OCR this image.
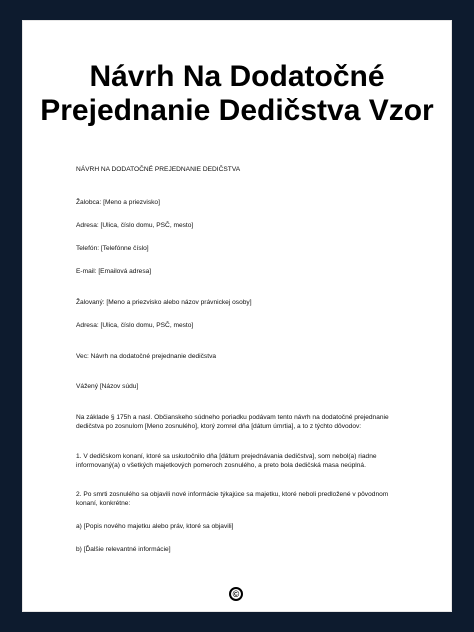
Návrh Na Dodatočné
Prejednanie Dedičstva Vzor

NÁVRH NA DODATOČNÉ PREJEDNANIE DEDIČSTVA

Žalobca: [Meno a priezvisko]

Adresa: [Ulica, číslo domu, PSČ, mesto]

Telefón: [Telefónne číslo]

E-mail: [Emailová adresa]

Žalovaný: [Meno a priezvisko alebo názov právnickej osoby]

Adresa: [Ulica, číslo domu, PSČ, mesto]

Vec: Návrh na dodatočné prejednanie dedičstva

Vážený [Názov súdu]

Na základe § 175h a nasl. Občianskeho súdneho poriadku podávam tento návrh na dodatočné prejednanie dedičstva po zosnulom [Meno zosnulého], ktorý zomrel dňa [dátum úmrtia], a to z týchto dôvodov:

1. V dedičskom konaní, ktoré sa uskutočnilo dňa [dátum prejednávania dedičstva], som nebol(a) riadne informovaný(a) o všetkých majetkových pomeroch zosnulého, a preto bola dedičská masa neúplná.

2. Po smrti zosnulého sa objavili nové informácie týkajúce sa majetku, ktoré neboli predložené v pôvodnom konaní, konkrétne:

a) [Popis nového majetku alebo práv, ktoré sa objavili]

b) [Ďalšie relevantné informácie]

©
